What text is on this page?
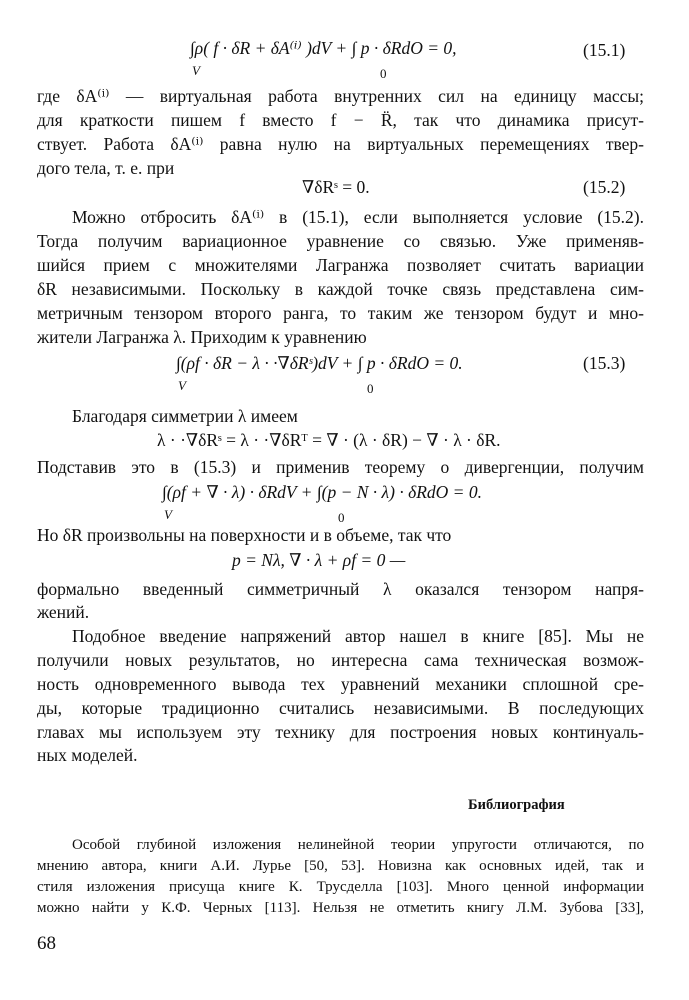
∫ρ( f · δR + δA⁽ⁱ⁾ )dV + ∫ p · δRdO = 0,
V	0
(15.1)
где δA⁽ⁱ⁾ — виртуальная работа внутренних сил на единицу массы;
для краткости пишем f вместо f − R̈, так что динамика присут-
ствует. Работа δA⁽ⁱ⁾ равна нулю на виртуальных перемещениях твер-
дого тела, т. е. при
∇δRˢ = 0.	(15.2)
Можно отбросить δA⁽ⁱ⁾ в (15.1), если выполняется условие (15.2).
Тогда получим вариационное уравнение со связью. Уже применяв-
шийся прием с множителями Лагранжа позволяет считать вариации
δR независимыми. Поскольку в каждой точке связь представлена сим-
метричным тензором второго ранга, то таким же тензором будут и мно-
жители Лагранжа λ. Приходим к уравнению
∫(ρf · δR − λ · ·∇δRˢ)dV + ∫ p · δRdO = 0.
V	0
(15.3)
Благодаря симметрии λ имеем
λ · ·∇δRˢ = λ · ·∇δRᵀ = ∇ · (λ · δR) − ∇ · λ · δR.
Подставив это в (15.3) и применив теорему о дивергенции, получим
∫(ρf + ∇ · λ) · δRdV + ∫(p − N · λ) · δRdO = 0.
V	0
Но δR произвольны на поверхности и в объеме, так что
p = Nλ, ∇ · λ + ρf = 0 —
формально введенный симметричный λ оказался тензором напря-
жений.
Подобное введение напряжений автор нашел в книге [85]. Мы не
получили новых результатов, но интересна сама техническая возмож-
ность одновременного вывода тех уравнений механики сплошной сре-
ды, которые традиционно считались независимыми. В последующих
главах мы используем эту технику для построения новых континуаль-
ных моделей.
Библиография
Особой глубиной изложения нелинейной теории упругости отличаются, по
мнению автора, книги А.И. Лурье [50, 53]. Новизна как основных идей, так и
стиля изложения присуща книге К. Трусделла [103]. Много ценной информации
можно найти у К.Ф. Черных [113]. Нельзя не отметить книгу Л.М. Зубова [33],
68
